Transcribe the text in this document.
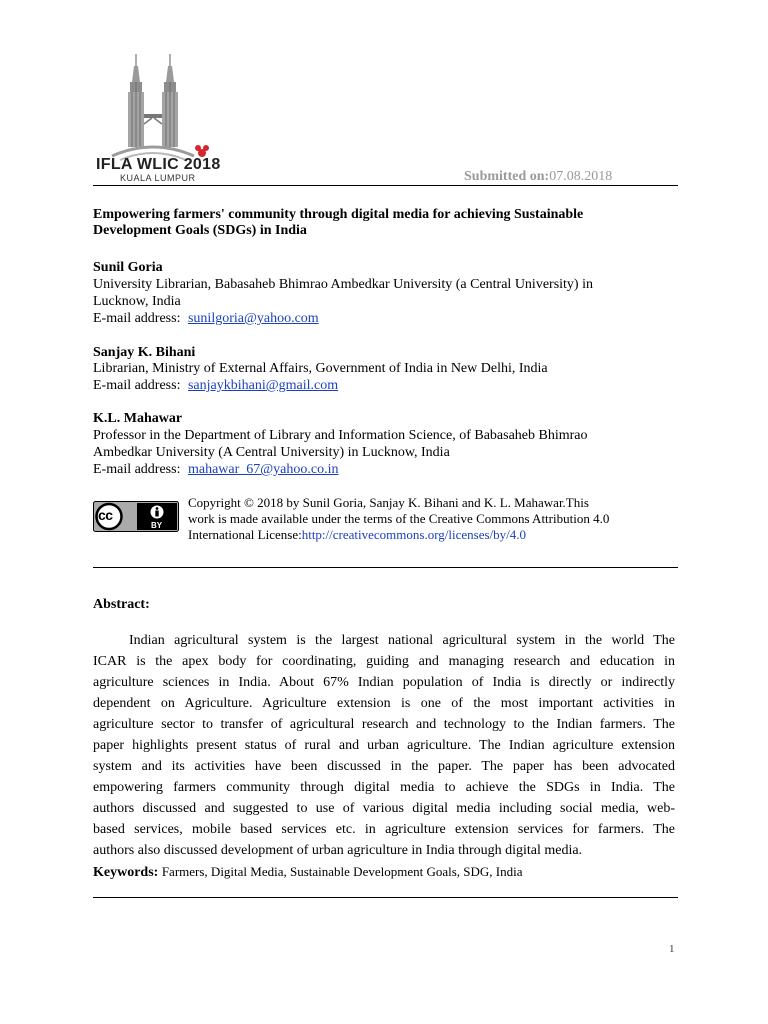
IFLA WLIC 2018
KUALA LUMPUR	Submitted on:07.08.2018
Empowering farmers' community through digital media for achieving Sustainable
Development Goals (SDGs) in India
Sunil Goria
University Librarian, Babasaheb Bhimrao Ambedkar University (a Central University) in
Lucknow, India
E-mail address: sunilgoria@yahoo.com
Sanjay K. Bihani
Librarian, Ministry of External Affairs, Government of India in New Delhi, India
E-mail address: sanjaykbihani@gmail.com
K.L. Mahawar
Professor in the Department of Library and Information Science, of Babasaheb Bhimrao
Ambedkar University (A Central University) in Lucknow, India
E-mail address: mahawar_67@yahoo.co.in
cc
BY
Copyright © 2018 by Sunil Goria, Sanjay K. Bihani and K. L. Mahawar.This
work is made available under the terms of the Creative Commons Attribution 4.0
International License:http://creativecommons.org/licenses/by/4.0
Abstract:
Indian agricultural system is the largest national agricultural system in the world The
ICAR is the apex body for coordinating, guiding and managing research and education in
agriculture sciences in India. About 67% Indian population of India is directly or indirectly
dependent on Agriculture. Agriculture extension is one of the most important activities in
agriculture sector to transfer of agricultural research and technology to the Indian farmers. The
paper highlights present status of rural and urban agriculture. The Indian agriculture extension
system and its activities have been discussed in the paper. The paper has been advocated
empowering farmers community through digital media to achieve the SDGs in India. The
authors discussed and suggested to use of various digital media including social media, web-
based services, mobile based services etc. in agriculture extension services for farmers. The
authors also discussed development of urban agriculture in India through digital media.
Keywords: Farmers, Digital Media, Sustainable Development Goals, SDG, India
1
